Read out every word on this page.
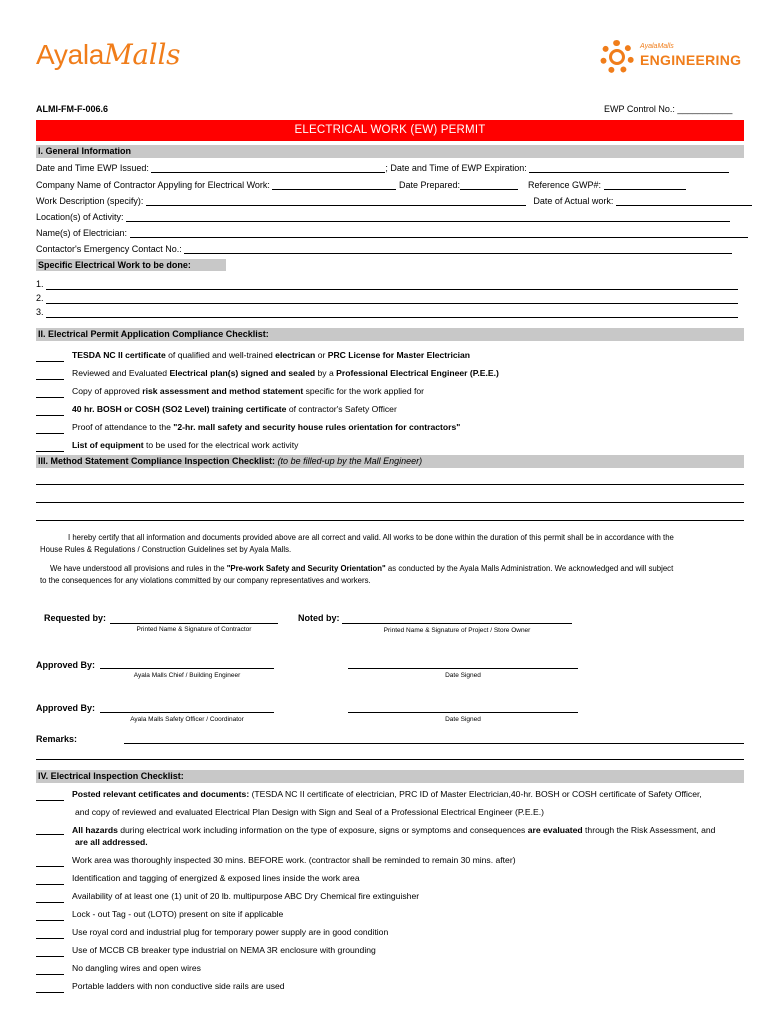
AyalaMalls	AyalaMalls
ENGINEERING
ALMI-FM-F-006.6	EWP Control No.: ___________
ELECTRICAL WORK (EW) PERMIT
I. General Information
Date and Time EWP Issued:	; Date and Time of EWP Expiration:
Company Name of Contractor Appyling for Electrical Work:	Date Prepared:	Reference GWP#:
Work Description (specify):	Date of Actual work:
Location(s) of Activity:
Name(s) of Electrician:
Contactor's Emergency Contact No.:
Specific Electrical Work to be done:
1.
2.
3.
II. Electrical Permit Application Compliance Checklist:
TESDA NC II certificate of qualified and well-trained electrican or PRC License for Master Electrician
Reviewed and Evaluated Electrical plan(s) signed and sealed by a Professional Electrical Engineer (P.E.E.)
Copy of approved risk assessment and method statement specific for the work applied for
40 hr. BOSH or COSH (SO2 Level) training certificate of contractor's Safety Officer
Proof of attendance to the "2-hr. mall safety and security house rules orientation for contractors"
List of equipment to be used for the electrical work activity
III. Method Statement Compliance Inspection Checklist: (to be filled-up by the Mall Engineer)
I hereby certify that all information and documents provided above are all correct and valid. All works to be done within the duration of this permit shall be in accordance with the
House Rules & Regulations / Construction Guidelines set by Ayala Malls.
We have understood all provisions and rules in the "Pre-work Safety and Security Orientation" as conducted by the Ayala Malls Administration. We acknowledged and will subject
to the consequences for any violations committed by our company representatives and workers.
Requested by:
Printed Name & Signature of Contractor
Noted by:
Printed Name & Signature of Project / Store Owner
Approved By:
Ayala Malls Chief / Building Engineer	Date Signed
Approved By:
Ayala Malls Safety Officer / Coordinator	Date Signed
Remarks:
IV. Electrical Inspection Checklist:
Posted relevant cetificates and documents: (TESDA NC II certificate of electrician, PRC ID of Master Electrician,40-hr. BOSH or COSH certificate of Safety Officer,
and copy of reviewed and evaluated Electrical Plan Design with Sign and Seal of a Professional Electrical Engineer (P.E.E.)
All hazards during electrical work including information on the type of exposure, signs or symptoms and consequences are evaluated through the Risk Assessment, and
are all addressed.
Work area was thoroughly inspected 30 mins. BEFORE work. (contractor shall be reminded to remain 30 mins. after)
Identification and tagging of energized & exposed lines inside the work area
Availability of at least one (1) unit of 20 lb. multipurpose ABC Dry Chemical fire extinguisher
Lock - out Tag - out (LOTO) present on site if applicable
Use royal cord and industrial plug for temporary power supply are in good condition
Use of MCCB CB breaker type industrial on NEMA 3R enclosure with grounding
No dangling wires and open wires
Portable ladders with non conductive side rails are used
